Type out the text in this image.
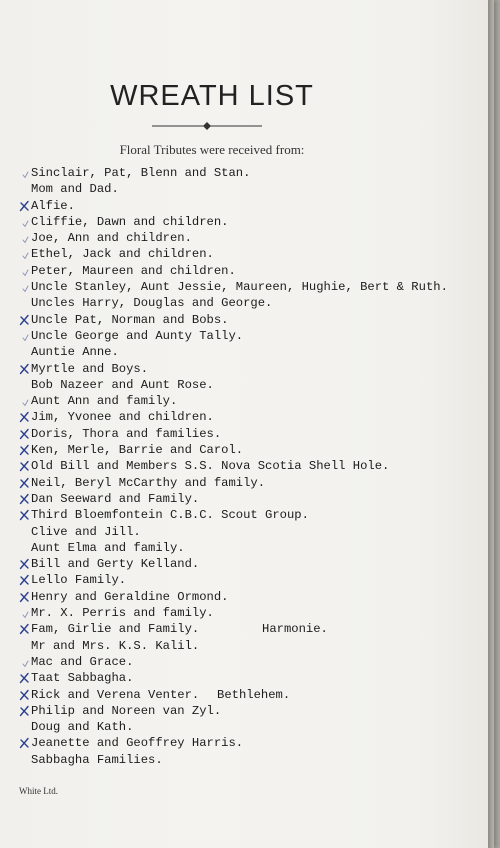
WREATH LIST
Floral Tributes were received from:
Sinclair, Pat, Blenn and Stan.
Mom and Dad.
Alfie.
Cliffie, Dawn and children.
Joe, Ann and children.
Ethel, Jack and children.
Peter, Maureen and children.
Uncle Stanley, Aunt Jessie, Maureen, Hughie, Bert & Ruth.
Uncles Harry, Douglas and George.
Uncle Pat, Norman and Bobs.
Uncle George and Aunty Tally.
Auntie Anne.
Myrtle and Boys.
Bob Nazeer and Aunt Rose.
Aunt Ann and family.
Jim, Yvonee and children.
Doris, Thora and families.
Ken, Merle, Barrie and Carol.
Old Bill and Members S.S. Nova Scotia Shell Hole.
Neil, Beryl McCarthy and family.
Dan Seeward and Family.
Third Bloemfontein C.B.C. Scout Group.
Clive and Jill.
Aunt Elma and family.
Bill and Gerty Kelland.
Lello Family.
Henry and Geraldine Ormond.
Mr. X. Perris and family.
Fam, Girlie and Family.	Harmonie.
Mr and Mrs. K.S. Kalil.
Mac and Grace.
Taat Sabbagha.
Rick and Verena Venter. Bethlehem.
Philip and Noreen van Zyl.
Doug and Kath.
Jeanette and Geoffrey Harris.
Sabbagha Families.
White Ltd.
